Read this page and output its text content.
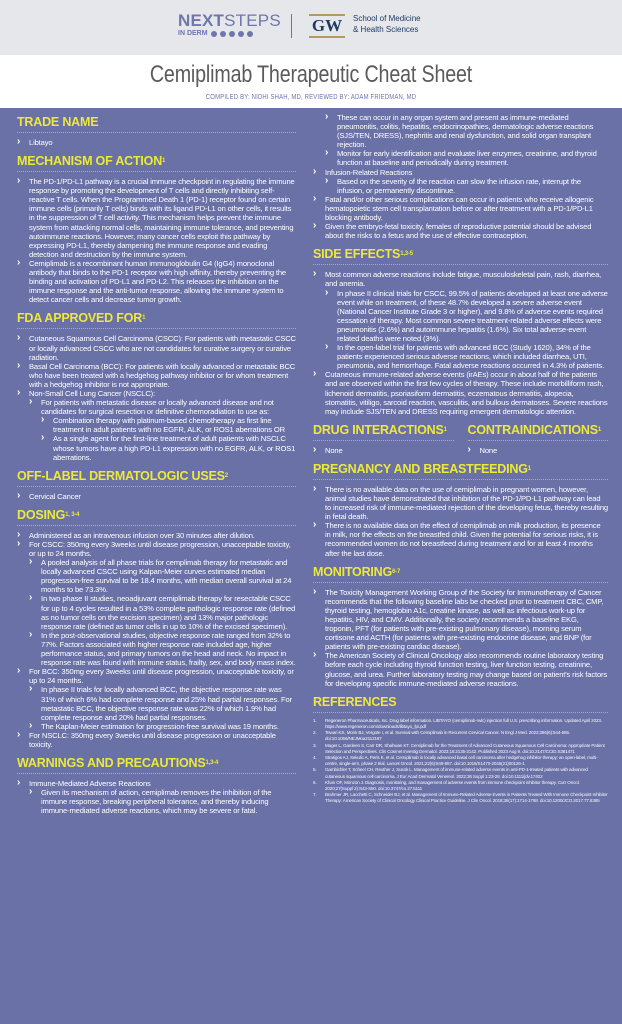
NEXTSTEPS
IN DERM	GW	School of Medicine
& Health Sciences
Cemiplimab Therapeutic Cheat Sheet
COMPILED BY: NIDHI SHAH, MD, REVIEWED BY: ADAM FRIEDMAN, MD
TRADE NAME
› Libtayo
MECHANISM OF ACTION$^1$
› The PD-1/PD-L1 pathway is a crucial immune checkpoint in regulating the immune response by promoting the development of T cells and directly inhibiting self-reactive T cells. When the Programmed Death 1 (PD-1) receptor found on certain immune cells (primarily T cells) binds with its ligand PD-L1 on other cells, it results in the suppression of T cell activity. This mechanism helps prevent the immune system from attacking normal cells, maintaining immune tolerance, and preventing autoimmune reactions. However, many cancer cells exploit this pathway by expressing PD-L1, thereby dampening the immune response and evading detection and destruction by the immune system.
› Cemiplimab is a recombinant human immunoglobulin G4 (IgG4) monoclonal antibody that binds to the PD-1 receptor with high affinity, thereby preventing the binding and activation of PD-L1 and PD-L2. This releases the inhibition on the immune response and the anti-tumor response, allowing the immune system to detect cancer cells and decrease tumor growth.
FDA APPROVED FOR$^1$
› Cutaneous Squamous Cell Carcinoma (CSCC): For patients with metastatic CSCC or locally advanced CSCC who are not candidates for curative surgery or curative radiation.
› Basal Cell Carcinoma (BCC): For patients with locally advanced or metastatic BCC who have been treated with a hedgehog pathway inhibitor or for whom treatment with a hedgehog inhibitor is not appropriate.
› Non-Small Cell Lung Cancer (NSCLC):
› For patients with metastatic disease or locally advanced disease and not candidates for surgical resection or definitive chemoradiation to use as:
› Combination therapy with platinum-based chemotherapy as first line treatment in adult patients with no EGFR, ALK, or ROS1 aberrations OR
› As a single agent for the first-line treatment of adult patients with NSCLC whose tumors have a high PD-L1 expression with no EGFR, ALK, or ROS1 aberrations.
OFF-LABEL DERMATOLOGIC USES$^2$
› Cervical Cancer
DOSING$^{1, 3-4}$
› Administered as an intravenous infusion over 30 minutes after dilution.
› For CSCC: 350mg every 3weeks until disease progression, unacceptable toxicity, or up to 24 months.
› A pooled analysis of all phase trials for cemplimab therapy for metastatic and locally advanced CSCC using Kalpan-Meier curves estimated median progression-free survival to be 18.4 months, with median overall survival at 24 months to be 73.3%.
› In two phase II studies, neoadjuvant cemiplimab therapy for resectable CSCC for up to 4 cycles resulted in a 53% complete pathologic response rate (defined as no tumor cells on the excision specimen) and 13% major pathologic response rate (defined as tumor cells in up to 10% of the excised specimen).
› In the post-observational studies, objective response rate ranged from 32% to 77%. Factors associated with higher response rate included age, higher performance status, and primary tumors on the head and neck. No impact in response rate was found with immune status, frailty, sex, and body mass index.
› For BCC: 350mg every 3weeks until disease progression, unacceptable toxicity, or up to 24 months.
› In phase II trials for locally advanced BCC, the objective response rate was 31% of which 6% had complete response and 25% had partial responses. For metastatic BCC, the objective response rate was 22% of which 1.9% had complete response and 20% had partial responses.
› The Kaplan-Meier estimation for progression-free survival was 19 months.
› For NSCLC: 350mg every 3weeks until disease progression or unacceptable toxicity.
WARNINGS AND PRECAUTIONS$^{1,3-4}$
› Immune-Mediated Adverse Reactions
› Given its mechanism of action, cemiplimab removes the inhibition of the immune response, breaking peripheral tolerance, and thereby inducing immune-mediated adverse reactions, which may be severe or fatal.
› These can occur in any organ system and present as immune-mediated pneumonitis, colitis, hepatitis, endocrinopathies, dermatologic adverse reactions (SJS/TEN, DRESS), nephritis and renal dysfunction, and solid organ transplant rejection.
› Monitor for early identification and evaluate liver enzymes, creatinine, and thyroid function at baseline and periodically during treatment.
› Infusion-Related Reactions
› Based on the severity of the reaction can slow the infusion rate, interrupt the infusion, or permanently discontinue.
› Fatal and/or other serious complications can occur in patients who receive allogenic hematopoietic stem cell transplantation before or after treatment with a PD-1/PD-L1 blocking antibody.
› Given the embryo-fetal toxicity, females of reproductive potential should be advised about the risks to a fetus and the use of effective contraception.
SIDE EFFECTS$^{1,3-5}$
› Most common adverse reactions include fatigue, musculoskeletal pain, rash, diarrhea, and anemia.
› In phase II clinical trials for CSCC, 99.5% of patients developed at least one adverse event while on treatment, of these 48.7% developed a severe adverse event (National Cancer Institute Grade 3 or higher), and 9.8% of adverse events required cessation of therapy. Most common severe treatment-related adverse effects were pneumonitis (2.6%) and autoimmune hepatitis (1.6%). Six total adverse-event related deaths were noted (3%).
› In the open-label trial for patients with advanced BCC (Study 1620), 34% of the patients experienced serious adverse reactions, which included diarrhea, UTI, pneumonia, and hemorrhage. Fatal adverse reactions occurred in 4.3% of patients.
› Cutaneous immune-related adverse events (irAEs) occur in about half of the patients and are observed within the first few cycles of therapy. These include morbilliform rash, lichenoid dermatitis, psoriasiform dermatitis, eczematous dermatitis, alopecia, stomatitis, vitiligo, sarcoid reaction, vasculitis, and bullous dermatoses. Severe reactions may include SJS/TEN and DRESS requiring emergent dermatologic attention.
DRUG INTERACTIONS$^1$
› None
CONTRAINDICATIONS$^1$
› None
PREGNANCY AND BREASTFEEDING$^1$
› There is no available data on the use of cemiplimab in pregnant women, however, animal studies have demonstrated that inhibition of the PD-1/PD-L1 pathway can lead to increased risk of immune-mediated rejection of the developing fetus, thereby resulting in fetal death.
› There is no available data on the effect of cemiplimab on milk production, its presence in milk, nor the effects on the breastfed child. Given the potential for serious risks, it is recommended women do not breastfeed during treatment and for at least 4 months after the last dose.
MONITORING$^{6-7}$
› The Toxicity Management Working Group of the Society for Immunotherapy of Cancer recommends that the following baseline labs be checked prior to treatment CBC, CMP, thyroid testing, hemoglobin A1c, creatine kinase, as well as infectious work-up for hepatitis, HIV, and CMV. Additionally, the society recommends a baseline EKG, troponin, PFT (for patients with pre-existing pulmonary disease), morning serum cortisone and ACTH (for patients with pre-existing endocrine disease, and BNP (for patients with pre-existing cardiac disease).
› The American Society of Clinical Oncology also recommends routine laboratory testing before each cycle including thyroid function testing, liver function testing, creatinine, glucose, and urea. Further laboratory testing may change based on patient's risk factors for developing specific immune-mediated adverse reactions.
REFERENCES
1. Regeneron Pharmaceuticals, Inc. Drug label information. LIBTAYO (cemiplimab-rwlc) injection full U.S. prescribing information. Updated April 2023. https://www.regeneron.com/downloads/libtayo_fpi.pdf
2. Tewari KS, Monk BJ, Vergote I, et al. Survival with Cemiplimab in Recurrent Cervical Cancer. N Engl J Med. 2022;386(6):544-555. doi:10.1056/NEJMoa2112187
3. Mager L, Gardeen S, Carr DR, Shahwan KT. Cemiplimab for the Treatment of Advanced Cutaneous Squamous Cell Carcinoma: Appropriate Patient Selection and Perspectives. Clin Cosmet Investig Dermatol. 2023;16:2135-2142. Published 2023 Aug 9. doi:10.2147/CCID.S381471
4. Stratigos AJ, Sekulic A, Peris K, et al. Cemiplimab in locally advanced basal cell carcinoma after hedgehog inhibitor therapy: an open-label, multi-centre, single-arm, phase 2 trial. Lancet Oncol. 2021;22(6):848-857. doi:10.1016/S1470-2045(21)00126-1
5. Gambichler T, Scheel CH, Reuther J, Susok L. Management of immune-related adverse events in anti-PD-1-treated patients with advanced cutaneous squamous cell carcinoma. J Eur Acad Dermatol Venereol. 2022;36 Suppl 1:23-28. doi:10.1111/jdv.17402
6. Khan OF, Monzon J. Diagnosis, monitoring, and management of adverse events from immune checkpoint inhibitor therapy. Curr Oncol. 2020;27(Suppl 2):S43-S50. doi:10.3747/co.27.5111
7. Brahmer JR, Lacchetti C, Schneider BJ, et al. Management of Immune-Related Adverse Events in Patients Treated With Immune Checkpoint Inhibitor Therapy: American Society of Clinical Oncology Clinical Practice Guideline. J Clin Oncol. 2018;36(17):1714-1768. doi:10.1200/JCO.2017.77.6385
